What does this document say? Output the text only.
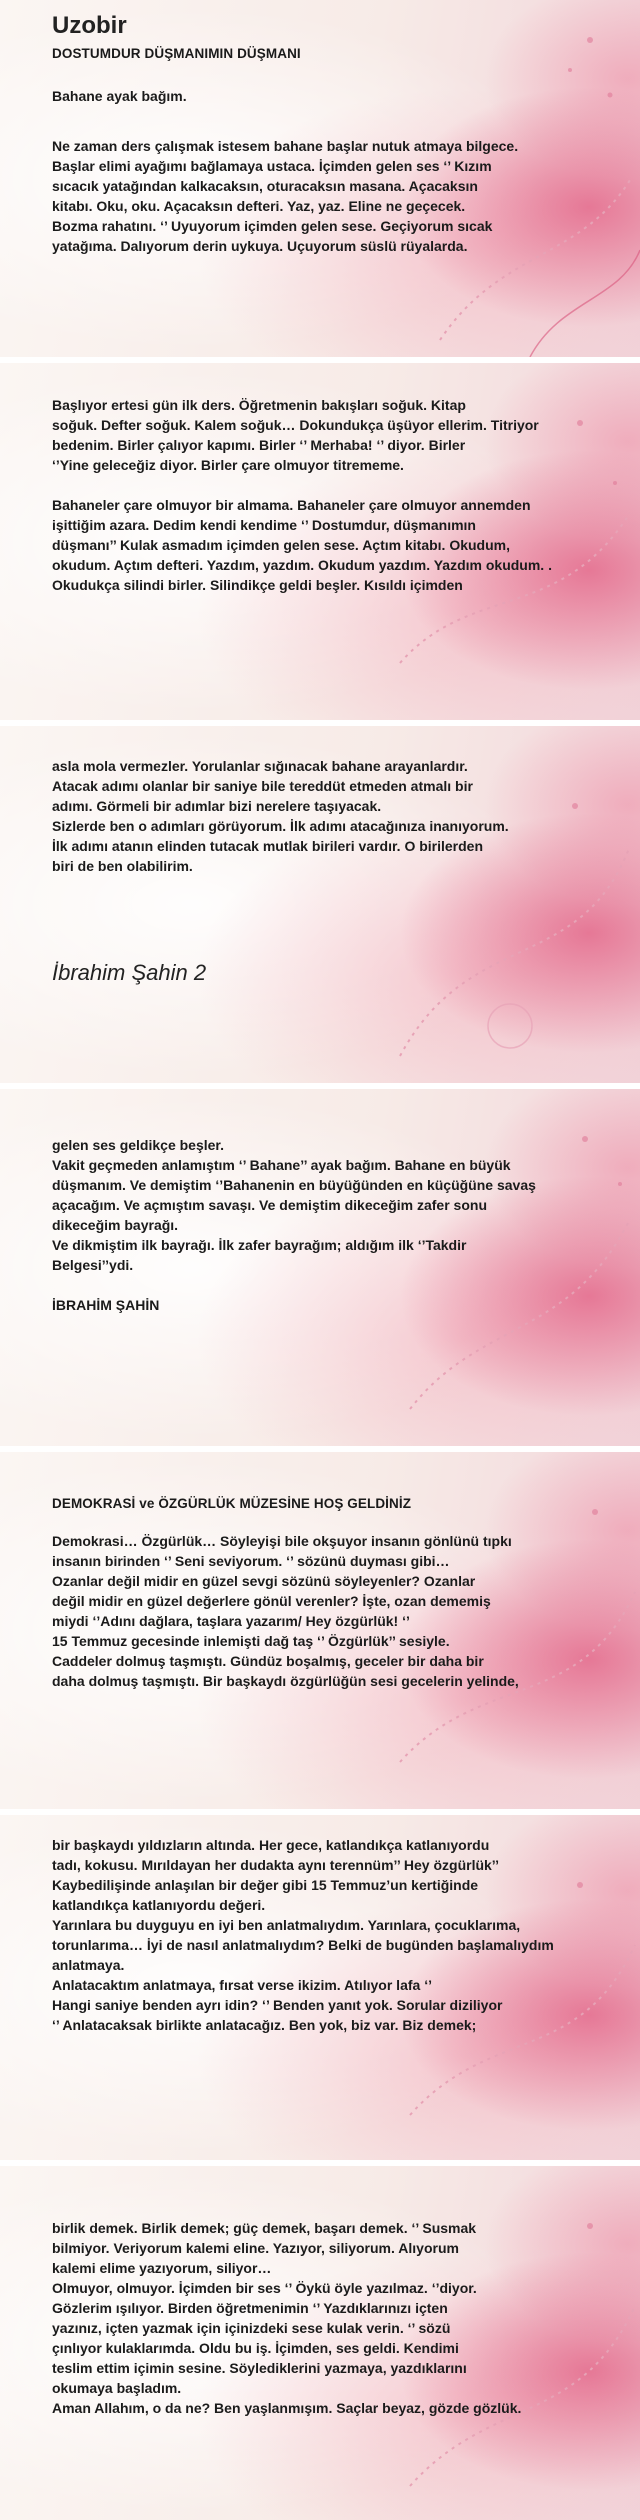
Uzobir
DOSTUMDUR DÜŞMANIMIN DÜŞMANI

Bahane ayak bağım.

Ne zaman ders çalışmak istesem bahane başlar nutuk atmaya bilgece.

Başlar elimi ayağımı bağlamaya ustaca. İçimden gelen ses ‘’ Kızım

sıcacık yatağından kalkacaksın, oturacaksın masana. Açacaksın

kitabı. Oku, oku. Açacaksın defteri. Yaz, yaz. Eline ne geçecek.

Bozma rahatını. ‘’ Uyuyorum içimden gelen sese. Geçiyorum sıcak

yatağıma. Dalıyorum derin uykuya. Uçuyorum süslü rüyalarda.

Başlıyor ertesi gün ilk ders. Öğretmenin bakışları soğuk. Kitap

soğuk. Defter soğuk. Kalem soğuk… Dokundukça üşüyor ellerim. Titriyor

bedenim. Birler çalıyor kapımı. Birler ‘’ Merhaba! ‘’ diyor. Birler

‘’Yine geleceğiz diyor. Birler çare olmuyor titrememe.

Bahaneler çare olmuyor bir almama. Bahaneler çare olmuyor annemden

işittiğim azara. Dedim kendi kendime ‘’ Dostumdur, düşmanımın

düşmanı’’ Kulak asmadım içimden gelen sese. Açtım kitabı. Okudum,

okudum. Açtım defteri. Yazdım, yazdım. Okudum yazdım. Yazdım okudum. .

Okudukça silindi birler. Silindikçe geldi beşler. Kısıldı içimden

asla mola vermezler. Yorulanlar sığınacak bahane arayanlardır.

Atacak adımı olanlar bir saniye bile tereddüt etmeden atmalı bir

adımı. Görmeli bir adımlar bizi nerelere taşıyacak.

Sizlerde ben o adımları görüyorum. İlk adımı atacağınıza inanıyorum.

İlk adımı atanın elinden tutacak mutlak birileri vardır. O birilerden

biri de ben olabilirim.

İbrahim Şahin 2

gelen ses geldikçe beşler.

Vakit geçmeden anlamıştım ‘’ Bahane’’ ayak bağım. Bahane en büyük

düşmanım. Ve demiştim ‘’Bahanenin en büyüğünden en küçüğüne savaş

açacağım. Ve açmıştım savaşı. Ve demiştim dikeceğim zafer sonu

dikeceğim bayrağı.

Ve dikmiştim ilk bayrağı. İlk zafer bayrağım; aldığım ilk ‘’Takdir

Belgesi’’ydi.

İBRAHİM ŞAHİN

DEMOKRASİ ve ÖZGÜRLÜK MÜZESİNE HOŞ GELDİNİZ

Demokrasi… Özgürlük… Söyleyişi bile okşuyor insanın gönlünü tıpkı

insanın birinden ‘’ Seni seviyorum. ‘’ sözünü duyması gibi…

Ozanlar değil midir en güzel sevgi sözünü söyleyenler? Ozanlar

değil midir en güzel değerlere gönül verenler? İşte, ozan dememiş

miydi ‘’Adını dağlara, taşlara yazarım/ Hey özgürlük! ‘’

15 Temmuz gecesinde inlemişti dağ taş ‘’ Özgürlük’’ sesiyle.

Caddeler dolmuş taşmıştı. Gündüz boşalmış, geceler bir daha bir

daha dolmuş taşmıştı. Bir başkaydı özgürlüğün sesi gecelerin yelinde,

bir başkaydı yıldızların altında. Her gece, katlandıkça katlanıyordu

tadı, kokusu. Mırıldayan her dudakta aynı terennüm’’ Hey özgürlük’’

Kaybedilişinde anlaşılan bir değer gibi 15 Temmuz’un kertiğinde

katlandıkça katlanıyordu değeri.

Yarınlara bu duyguyu en iyi ben anlatmalıydım. Yarınlara, çocuklarıma,

torunlarıma… İyi de nasıl anlatmalıydım? Belki de bugünden başlamalıydım

anlatmaya.

Anlatacaktım anlatmaya, fırsat verse ikizim. Atılıyor lafa ‘’

Hangi saniye benden ayrı idin? ‘’ Benden yanıt yok. Sorular diziliyor

‘’ Anlatacaksak birlikte anlatacağız. Ben yok, biz var. Biz demek;

birlik demek. Birlik demek; güç demek, başarı demek. ‘’ Susmak

bilmiyor. Veriyorum kalemi eline. Yazıyor, siliyorum. Alıyorum

kalemi elime yazıyorum, siliyor…

Olmuyor, olmuyor. İçimden bir ses ‘’ Öykü öyle yazılmaz. ‘’diyor.

Gözlerim ışılıyor. Birden öğretmenimin ‘’ Yazdıklarınızı içten

yazınız, içten yazmak için içinizdeki sese kulak verin. ‘’ sözü

çınlıyor kulaklarımda. Oldu bu iş. İçimden, ses geldi. Kendimi

teslim ettim içimin sesine. Söylediklerini yazmaya, yazdıklarını

okumaya başladım.

Aman Allahım, o da ne? Ben yaşlanmışım. Saçlar beyaz, gözde gözlük.
